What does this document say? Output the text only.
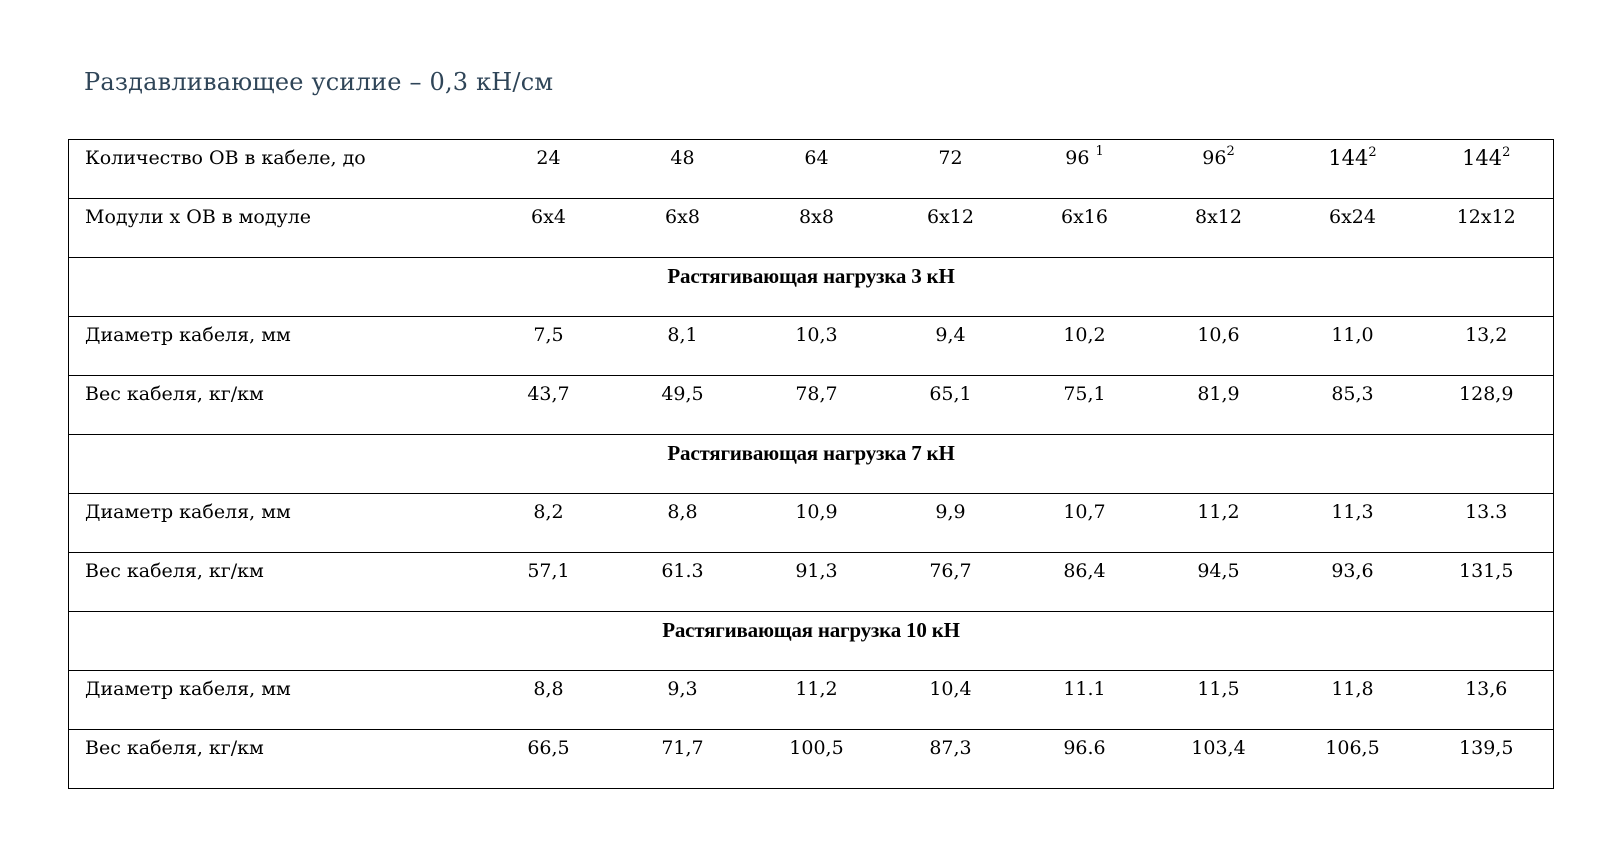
Раздавливающее усилие – 0,3 кН/см
Количество ОВ в кабеле, до	24	48	64	72	96 $^1$	$96^2$	$144^2$	$144^2$
Модули х ОВ в модуле	6х4	6х8	8х8	6х12	6х16	8х12	6х24	12х12
Растягивающая нагрузка 3 кН								
Диаметр кабеля, мм	7,5	8,1	10,3	9,4	10,2	10,6	11,0	13,2
Вес кабеля, кг/км	43,7	49,5	78,7	65,1	75,1	81,9	85,3	128,9
Растягивающая нагрузка 7 кН								
Диаметр кабеля, мм	8,2	8,8	10,9	9,9	10,7	11,2	11,3	13.3
Вес кабеля, кг/км	57,1	61.3	91,3	76,7	86,4	94,5	93,6	131,5
Растягивающая нагрузка 10 кН								
Диаметр кабеля, мм	8,8	9,3	11,2	10,4	11.1	11,5	11,8	13,6
Вес кабеля, кг/км	66,5	71,7	100,5	87,3	96.6	103,4	106,5	139,5
